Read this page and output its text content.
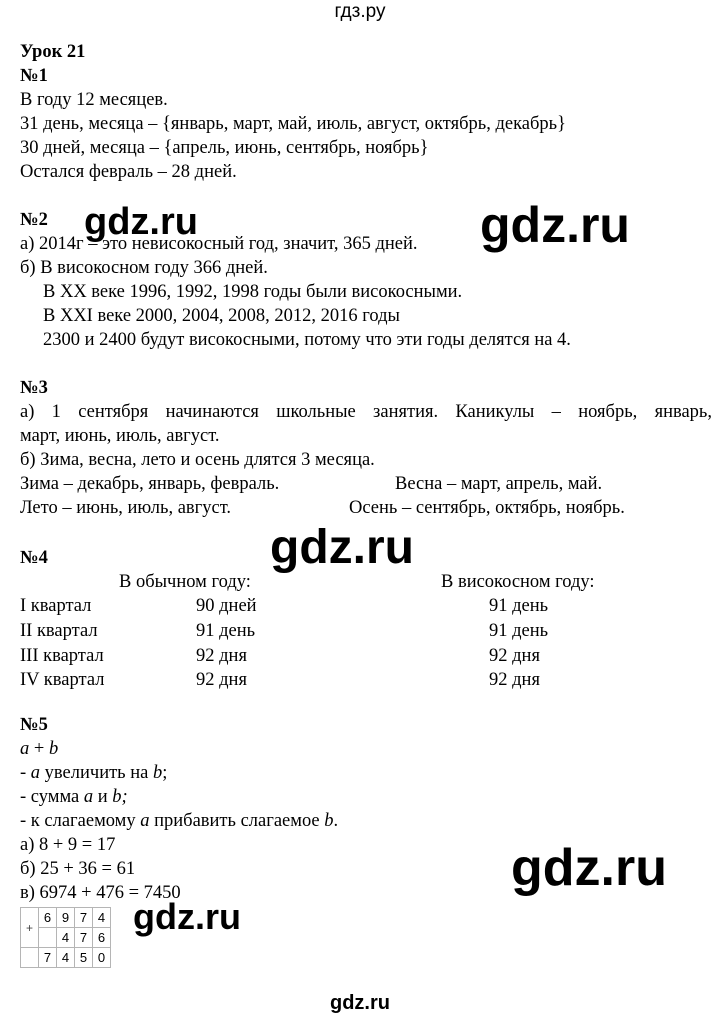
гдз.ру
Урок 21
№1
В году 12 месяцев.
31 день, месяца – {январь, март, май, июль, август, октябрь, декабрь}
30 дней, месяца – {апрель, июнь, сентябрь, ноябрь}
Остался февраль – 28 дней.
№2
а) 2014г – это невисокосный год, значит, 365 дней.
б) В високосном году 366 дней.
В XX веке 1996, 1992, 1998 годы были високосными.
В XXI веке 2000, 2004, 2008, 2012, 2016 годы
2300 и 2400 будут високосными, потому что эти годы делятся на 4.
№3
а) 1 сентября начинаются школьные занятия. Каникулы – ноябрь, январь,
март, июнь, июль, август.
б) Зима, весна, лето и осень длятся 3 месяца.
Зима – декабрь, январь, февраль.	Весна – март, апрель, май.
Лето – июнь, июль, август.	Осень – сентябрь, октябрь, ноябрь.
№4
В обычном году:	В високосном году:
I квартал	90 дней	91 день
II квартал	91 день	91 день
III квартал	92 дня	92 дня
IV квартал	92 дня	92 дня
№5
a + b
- a увеличить на b;
- сумма a и b;
- к слагаемому a прибавить слагаемое b.
а) 8 + 9 = 17
б) 25 + 36 = 61
в) 6974 + 476 = 7450
+	6	9	7	4
		4	7	6
	7	4	5	0
gdz.ru	gdz.ru
gdz.ru
gdz.ru
gdz.ru
gdz.ru
